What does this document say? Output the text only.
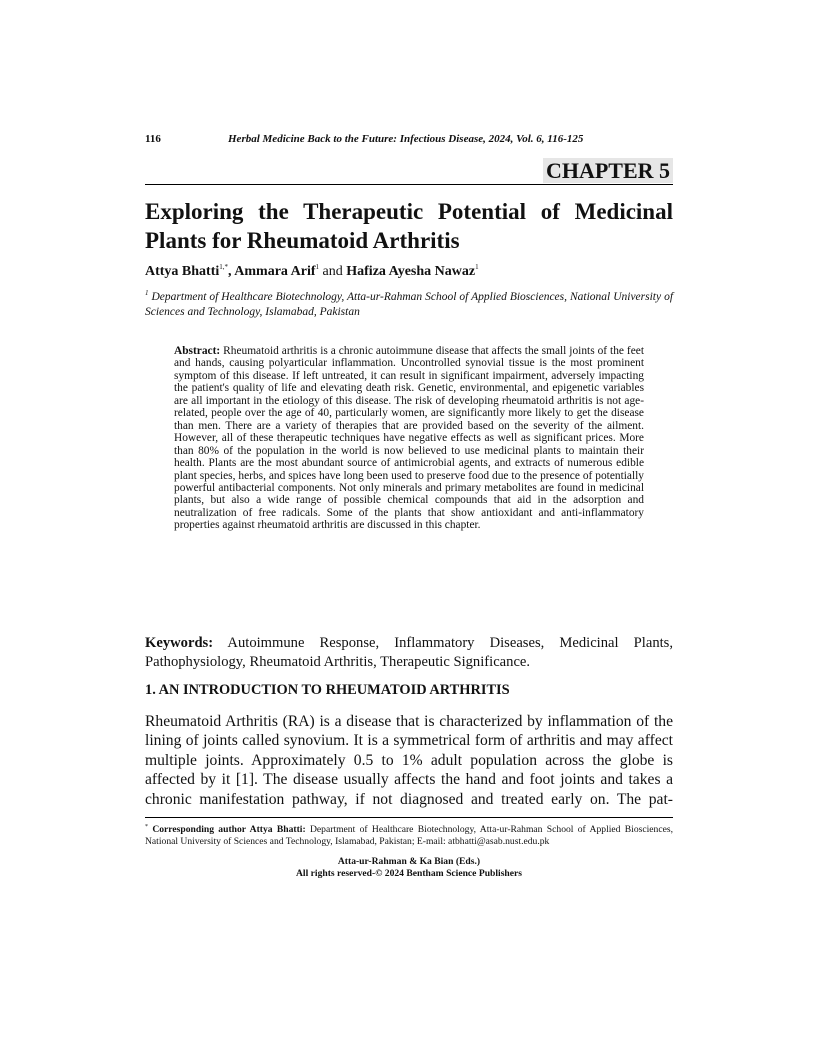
116	Herbal Medicine Back to the Future: Infectious Disease, 2024, Vol. 6, 116-125
CHAPTER 5
Exploring the Therapeutic Potential of Medicinal Plants for Rheumatoid Arthritis
Attya Bhatti$^{1,*}$, Ammara Arif$^1$ and Hafiza Ayesha Nawaz$^1$
$^1$ Department of Healthcare Biotechnology, Atta-ur-Rahman School of Applied Biosciences, National University of Sciences and Technology, Islamabad, Pakistan
Abstract: Rheumatoid arthritis is a chronic autoimmune disease that affects the small joints of the feet and hands, causing polyarticular inflammation. Uncontrolled synovial tissue is the most prominent symptom of this disease. If left untreated, it can result in significant impairment, adversely impacting the patient's quality of life and elevating death risk. Genetic, environmental, and epigenetic variables are all important in the etiology of this disease. The risk of developing rheumatoid arthritis is not age-related, people over the age of 40, particularly women, are significantly more likely to get the disease than men. There are a variety of therapies that are provided based on the severity of the ailment. However, all of these therapeutic techniques have negative effects as well as significant prices. More than 80% of the population in the world is now believed to use medicinal plants to maintain their health. Plants are the most abundant source of antimicrobial agents, and extracts of numerous edible plant species, herbs, and spices have long been used to preserve food due to the presence of potentially powerful antibacterial components. Not only minerals and primary metabolites are found in medicinal plants, but also a wide range of possible chemical compounds that aid in the adsorption and neutralization of free radicals. Some of the plants that show antioxidant and anti-inflammatory properties against rheumatoid arthritis are discussed in this chapter.
Keywords: Autoimmune Response, Inflammatory Diseases, Medicinal Plants, Pathophysiology, Rheumatoid Arthritis, Therapeutic Significance.
1. AN INTRODUCTION TO RHEUMATOID ARTHRITIS
Rheumatoid Arthritis (RA) is a disease that is characterized by inflammation of the lining of joints called synovium. It is a symmetrical form of arthritis and may affect multiple joints. Approximately 0.5 to 1% adult population across the globe is affected by it [1]. The disease usually affects the hand and foot joints and takes a chronic manifestation pathway, if not diagnosed and treated early on. The pat-
* Corresponding author Attya Bhatti: Department of Healthcare Biotechnology, Atta-ur-Rahman School of Applied Biosciences, National University of Sciences and Technology, Islamabad, Pakistan; E-mail: atbhatti@asab.nust.edu.pk
Atta-ur-Rahman & Ka Bian (Eds.)
All rights reserved-© 2024 Bentham Science Publishers
